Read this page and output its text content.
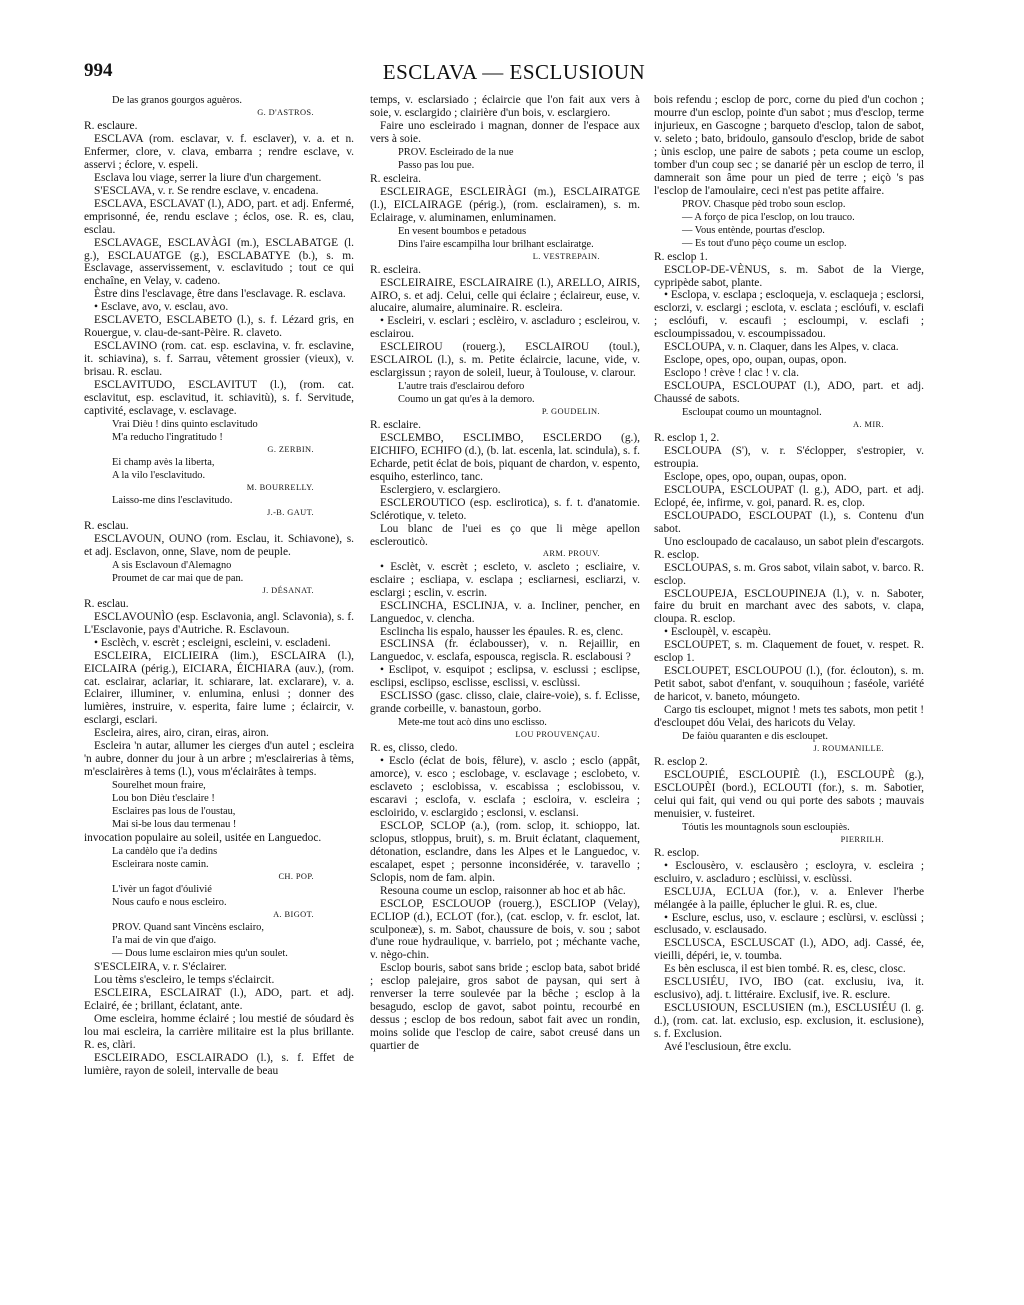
994	ESCLAVA — ESCLUSIOUN

De las granos gourgos aguèros.

G. D'ASTROS.

R. esclaure.

ESCLAVA (rom. esclavar, v. f. esclaver), v. a. et n. Enfermer, clore, v. clava, embarra ; rendre esclave, v. asservi ; éclore, v. espeli.

Esclava lou viage, serrer la liure d'un chargement.

S'ESCLAVA, v. r. Se rendre esclave, v. encadena.

ESCLAVA, ESCLAVAT (l.), ADO, part. et adj. Enfermé, emprisonné, ée, rendu esclave ; éclos, ose. R. es, clau, esclau.

ESCLAVAGE, ESCLAVÀGI (m.), ESCLABATGE (l. g.), ESCLAUATGE (g.), ESCLABATYE (b.), s. m. Esclavage, asservissement, v. esclavitudo ; tout ce qui enchaîne, en Velay, v. cadeno.

Èstre dins l'esclavage, être dans l'esclavage. R. esclava.

• Esclave, avo, v. esclau, avo.

ESCLAVETO, ESCLABETO (l.), s. f. Lézard gris, en Rouergue, v. clau-de-sant-Pèire. R. claveto.

ESCLAVINO (rom. cat. esp. esclavina, v. fr. esclavine, it. schiavina), s. f. Sarrau, vêtement grossier (vieux), v. brisau. R. esclau.

ESCLAVITUDO, ESCLAVITUT (l.), (rom. cat. esclavitut, esp. esclavitud, it. schiavitù), s. f. Servitude, captivité, esclavage, v. esclavage.

Vrai Dièu ! dins quinto esclavitudo

M'a reducho l'ingratitudo !

G. ZERBIN.

Ei champ avès la liberta,

A la vilo l'esclavitudo.

M. BOURRELLY.

Laisso-me dins l'esclavitudo.

J.-B. GAUT.

R. esclau.

ESCLAVOUN, OUNO (rom. Esclau, it. Schiavone), s. et adj. Esclavon, onne, Slave, nom de peuple.

A sis Esclavoun d'Alemagno

Proumet de car mai que de pan.

J. DÉSANAT.

R. esclau.

ESCLAVOUNÌO (esp. Esclavonia, angl. Sclavonia), s. f. L'Esclavonie, pays d'Autriche. R. Esclavoun.

• Esclèch, v. escrèt ; escleigni, escleini, v. escladeni.

ESCLEIRA, EICLIEIRA (lim.), ESCLAIRA (l.), EICLAIRA (périg.), EICIARA, ÉICHIARA (auv.), (rom. cat. esclairar, aclariar, it. schiarare, lat. exclarare), v. a. Eclairer, illuminer, v. enlumina, enlusi ; donner des lumières, instruire, v. esperita, faire lume ; éclaircir, v. esclargi, esclari.

Escleira, aires, airo, ciran, eiras, airon.

Escleira 'n autar, allumer les cierges d'un autel ; escleira 'n aubre, donner du jour à un arbre ; m'esclairerias à tèms, m'esclairères à tems (l.), vous m'éclairâtes à temps.

Sourelhet moun fraire,

Lou bon Dièu t'esclaire !

Esclaires pas lous de l'oustau,

Mai si-be lous dau termenau !

invocation populaire au soleil, usitée en Languedoc.

La candèlo que i'a dedins

Escleirara noste camin.

CH. POP.

L'ivèr un fagot d'óulivié

Nous caufo e nous escleiro.

A. BIGOT.

PROV. Quand sant Vincèns esclairo,

I'a mai de vin que d'aigo.

— Dous lume esclairon mies qu'un soulet.

S'ESCLEIRA, v. r. S'éclairer.

Lou tèms s'escleiro, le temps s'éclaircit.

ESCLEIRA, ESCLAIRAT (l.), ADO, part. et adj. Eclairé, ée ; brillant, éclatant, ante.

Ome escleira, homme éclairé ; lou mestié de sóudard ès lou mai escleira, la carrière militaire est la plus brillante. R. es, clàri.

ESCLEIRADO, ESCLAIRADO (l.), s. f. Effet de lumière, rayon de soleil, intervalle de beau

temps, v. esclarsiado ; éclaircie que l'on fait aux vers à soie, v. esclargido ; clairière d'un bois, v. esclargiero.

Faire uno escleirado i magnan, donner de l'espace aux vers à soie.

PROV. Escleirado de la nue

Passo pas lou pue.

R. escleira.

ESCLEIRAGE, ESCLEIRÀGI (m.), ESCLAIRATGE (l.), EICLAIRAGE (périg.), (rom. esclairamen), s. m. Eclairage, v. aluminamen, enluminamen.

En vesent boumbos e petadous

Dins l'aire escampilha lour brilhant esclairatge.

L. VESTREPAIN.

R. escleira.

ESCLEIRAIRE, ESCLAIRAIRE (l.), ARELLO, AIRIS, AIRO, s. et adj. Celui, celle qui éclaire ; éclaireur, euse, v. alucaire, alumaire, aluminaire. R. escleira.

• Escleiri, v. esclari ; esclèiro, v. ascladuro ; escleirou, v. esclairou.

ESCLEIROU (rouerg.), ESCLAIROU (toul.), ESCLAIROL (l.), s. m. Petite éclaircie, lacune, vide, v. esclargissun ; rayon de soleil, lueur, à Toulouse, v. clarour.

L'autre trais d'esclairou deforo

Coumo un gat qu'es à la demoro.

P. GOUDELIN.

R. esclaire.

ESCLEMBO, ESCLIMBO, ESCLERDO (g.), EICHIFO, ECHIFO (d.), (b. lat. escenla, lat. scindula), s. f. Echarde, petit éclat de bois, piquant de chardon, v. espento, esquiho, esterlinco, tanc.

Esclergiero, v. esclargiero.

ESCLEROUTICO (esp. esclirotica), s. f. t. d'anatomie. Sclérotique, v. teleto.

Lou blanc de l'uei es ço que li mège apellon esclerouticò.

ARM. PROUV.

• Esclèt, v. escrèt ; escleto, v. ascleto ; escliaire, v. esclaire ; escliapa, v. esclapa ; escliarnesi, escliarzi, v. esclargi ; esclin, v. escrin.

ESCLINCHA, ESCLINJA, v. a. Incliner, pencher, en Languedoc, v. clencha.

Esclincha lis espalo, hausser les épaules. R. es, clenc.

ESCLINSA (fr. éclabousser), v. n. Rejaillir, en Languedoc, v. esclafa, espousca, regiscla. R. esclabousi ?

• Esclipot, v. esquipot ; esclipsa, v. esclussi ; esclipse, esclipsi, esclipso, esclisse, esclissi, v. esclùssi.

ESCLISSO (gasc. clisso, claie, claire-voie), s. f. Eclisse, grande corbeille, v. banastoun, gorbo.

Mete-me tout acò dins uno esclisso.

LOU PROUVENÇAU.

R. es, clisso, cledo.

• Esclo (éclat de bois, fêlure), v. asclo ; esclo (appât, amorce), v. esco ; esclobage, v. esclavage ; esclobeto, v. esclaveto ; esclobissa, v. escabissa ; esclobissou, v. escaravi ; esclofa, v. esclafa ; escloira, v. escleira ; escloirido, v. esclargido ; esclonsi, v. esclansi.

ESCLOP, SCLOP (a.), (rom. sclop, it. schioppo, lat. sclopus, stloppus, bruit), s. m. Bruit éclatant, claquement, détonation, esclandre, dans les Alpes et le Languedoc, v. escalapet, espet ; personne inconsidérée, v. taravello ; Sclopis, nom de fam. alpin.

Resouna coume un esclop, raisonner ab hoc et ab hâc.

ESCLOP, ESCLOUOP (rouerg.), ESCLIOP (Velay), ECLIOP (d.), ECLOT (for.), (cat. esclop, v. fr. esclot, lat. sculponeæ), s. m. Sabot, chaussure de bois, v. sou ; sabot d'une roue hydraulique, v. barrielo, pot ; méchante vache, v. nègo-chin.

Esclop bouris, sabot sans bride ; esclop bata, sabot bridé ; esclop palejaire, gros sabot de paysan, qui sert à renverser la terre soulevée par la bêche ; esclop à la besagudo, esclop de gavot, sabot pointu, recourbé en dessus ; esclop de bos redoun, sabot fait avec un rondin, moins solide que l'esclop de caire, sabot creusé dans un quartier de

bois refendu ; esclop de porc, corne du pied d'un cochon ; mourre d'un esclop, pointe d'un sabot ; mus d'esclop, terme injurieux, en Gascogne ; barqueto d'esclop, talon de sabot, v. seleto ; bato, bridoulo, gansoulo d'esclop, bride de sabot ; ùnis esclop, une paire de sabots ; peta coume un esclop, tomber d'un coup sec ; se danarié pèr un esclop de terro, il damnerait son âme pour un pied de terre ; eiçò 's pas l'esclop de l'amoulaire, ceci n'est pas petite affaire.

PROV. Chasque pèd trobo soun esclop.

— A forço de pica l'esclop, on lou trauco.

— Vous entènde, pourtas d'esclop.

— Es tout d'uno pèço coume un esclop.

R. esclop 1.

ESCLOP-DE-VÈNUS, s. m. Sabot de la Vierge, cypripède sabot, plante.

• Esclopa, v. esclapa ; escloqueja, v. esclaqueja ; esclorsi, esclorzi, v. esclargi ; esclota, v. esclata ; esclóufi, v. esclafi ; esclóufi, v. escaufi ; escloumpi, v. esclafi ; escloumpissadou, v. escoumpissadou.

ESCLOUPA, v. n. Claquer, dans les Alpes, v. claca.

Esclope, opes, opo, oupan, oupas, opon.

Esclopo ! crève ! clac ! v. cla.

ESCLOUPA, ESCLOUPAT (l.), ADO, part. et adj. Chaussé de sabots.

Escloupat coumo un mountagnol.

A. MIR.

R. esclop 1, 2.

ESCLOUPA (S'), v. r. S'éclopper, s'estropier, v. estroupia.

Esclope, opes, opo, oupan, oupas, opon.

ESCLOUPA, ESCLOUPAT (l. g.), ADO, part. et adj. Eclopé, ée, infirme, v. goi, panard. R. es, clop.

ESCLOUPADO, ESCLOUPAT (l.), s. Contenu d'un sabot.

Uno escloupado de cacalauso, un sabot plein d'escargots. R. esclop.

ESCLOUPAS, s. m. Gros sabot, vilain sabot, v. barco. R. esclop.

ESCLOUPEJA, ESCLOUPINEJA (l.), v. n. Saboter, faire du bruit en marchant avec des sabots, v. clapa, cloupa. R. esclop.

• Escloupèl, v. escapèu.

ESCLOUPET, s. m. Claquement de fouet, v. respet. R. esclop 1.

ESCLOUPET, ESCLOUPOU (l.), (for. éclouton), s. m. Petit sabot, sabot d'enfant, v. souquihoun ; faséole, variété de haricot, v. baneto, móungeto.

Cargo tis escloupet, mignot ! mets tes sabots, mon petit ! d'escloupet dóu Velai, des haricots du Velay.

De faiòu quaranten e dis escloupet.

J. ROUMANILLE.

R. esclop 2.

ESCLOUPIÉ, ESCLOUPIÈ (l.), ESCLOUPÈ (g.), ESCLOUPÈI (bord.), ECLOUTI (for.), s. m. Sabotier, celui qui fait, qui vend ou qui porte des sabots ; mauvais menuisier, v. fusteiret.

Tóutis les mountagnols soun escloupiès.

PIERRILH.

R. esclop.

• Esclousèro, v. esclausèro ; escloyra, v. escleira ; escluiro, v. ascladuro ; esclùissi, v. esclùssi.

ESCLUJA, ECLUA (for.), v. a. Enlever l'herbe mélangée à la paille, éplucher le glui. R. es, clue.

• Esclure, esclus, uso, v. esclaure ; esclùrsi, v. esclùssi ; esclusado, v. esclausado.

ESCLUSCA, ESCLUSCAT (l.), ADO, adj. Cassé, ée, vieilli, dépéri, ie, v. toumba.

Es bèn esclusca, il est bien tombé. R. es, clesc, closc.

ESCLUSIÉU, IVO, IBO (cat. exclusiu, iva, it. esclusivo), adj. t. littéraire. Exclusif, ive. R. esclure.

ESCLUSIOUN, ESCLUSIEN (m.), ESCLUSIÉU (l. g. d.), (rom. cat. lat. exclusio, esp. exclusion, it. esclusione), s. f. Exclusion.

Avé l'esclusioun, être exclu.
